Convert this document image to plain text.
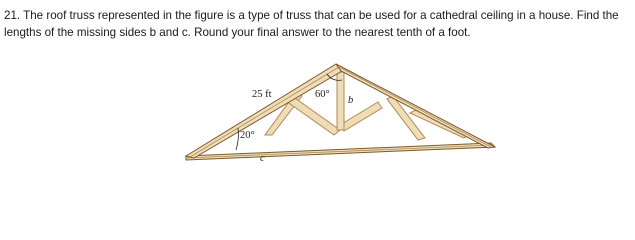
21. The roof truss represented in the figure is a type of truss that can be used for a cathedral ceiling in a house. Find the lengths of the missing sides b and c. Round your final answer to the nearest tenth of a foot.

25 ft	60°
b
20°
c
